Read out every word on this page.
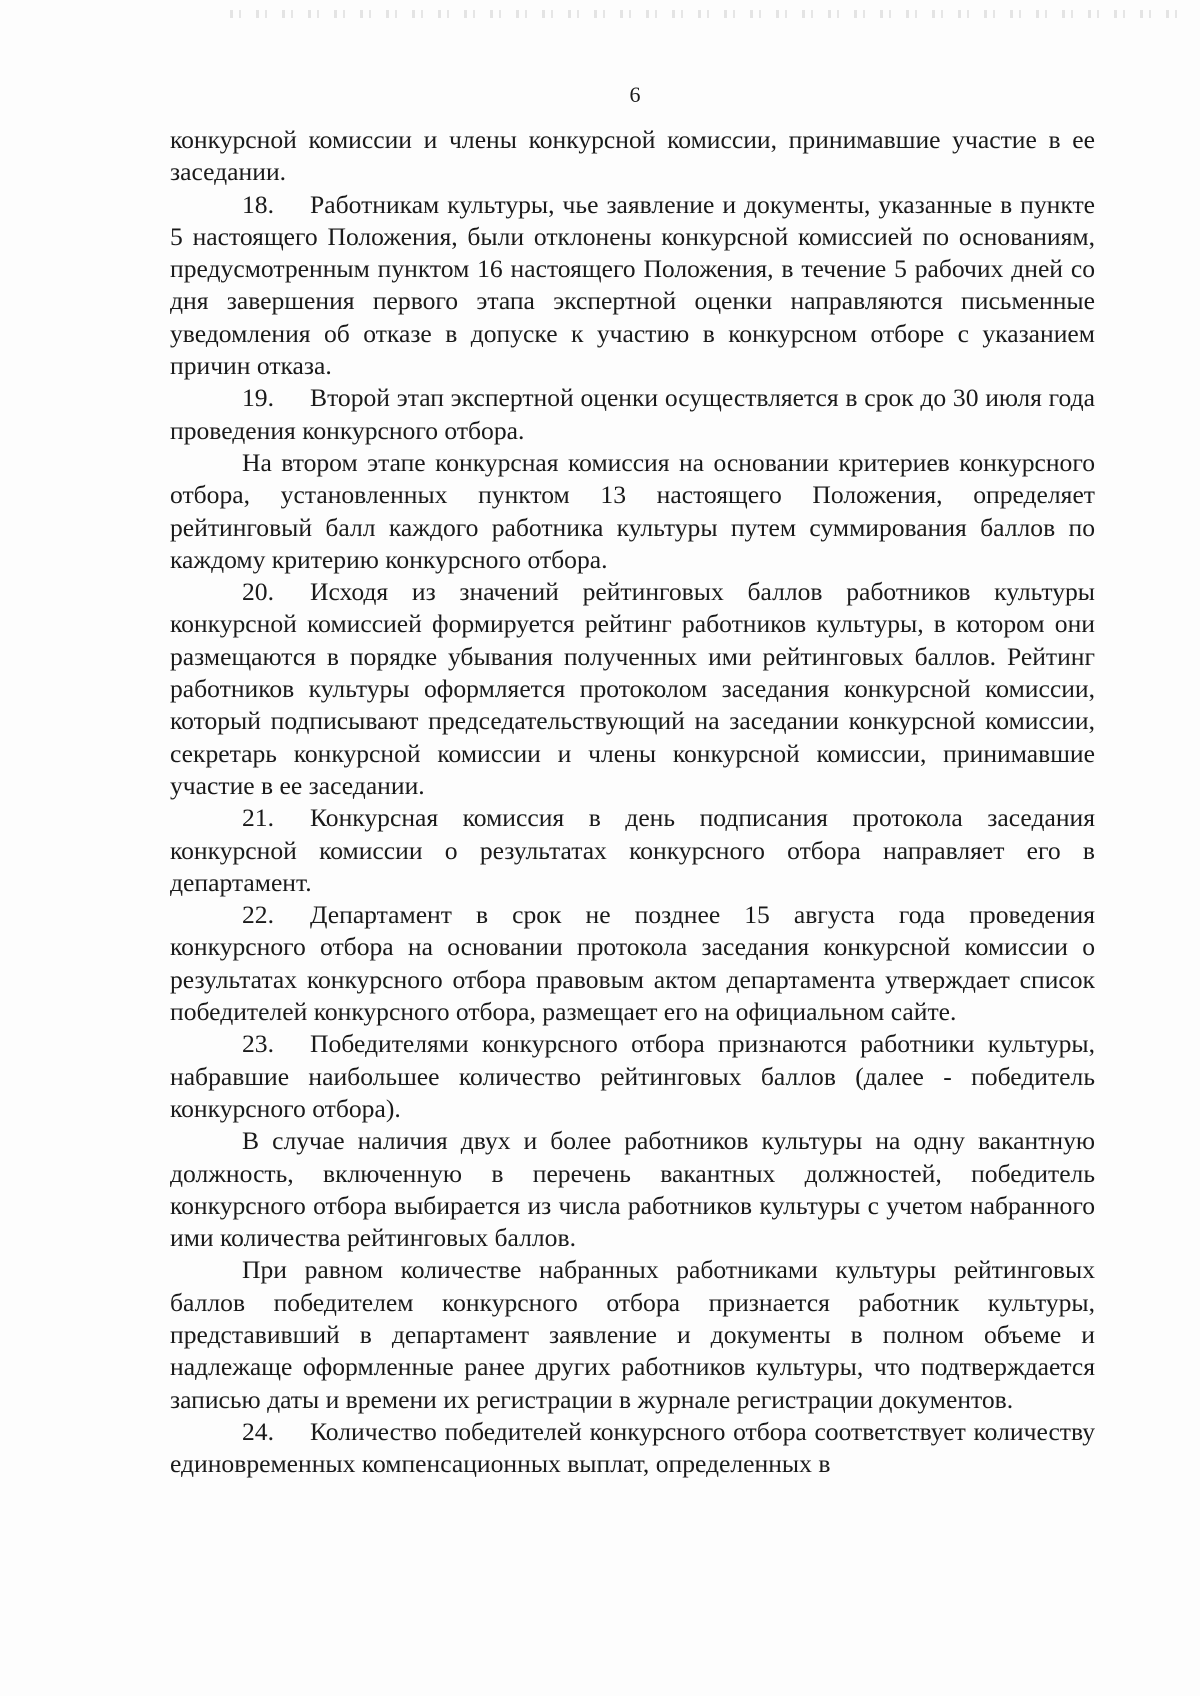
6

конкурсной комиссии и члены конкурсной комиссии, принимавшие участие в ее заседании.

18. Работникам культуры, чье заявление и документы, указанные в пункте 5 настоящего Положения, были отклонены конкурсной комиссией по основаниям, предусмотренным пунктом 16 настоящего Положения, в течение 5 рабочих дней со дня завершения первого этапа экспертной оценки направляются письменные уведомления об отказе в допуске к участию в конкурсном отборе с указанием причин отказа.

19. Второй этап экспертной оценки осуществляется в срок до 30 июля года проведения конкурсного отбора.

На втором этапе конкурсная комиссия на основании критериев конкурсного отбора, установленных пунктом 13 настоящего Положения, определяет рейтинговый балл каждого работника культуры путем суммирования баллов по каждому критерию конкурсного отбора.

20. Исходя из значений рейтинговых баллов работников культуры конкурсной комиссией формируется рейтинг работников культуры, в котором они размещаются в порядке убывания полученных ими рейтинговых баллов. Рейтинг работников культуры оформляется протоколом заседания конкурсной комиссии, который подписывают председательствующий на заседании конкурсной комиссии, секретарь конкурсной комиссии и члены конкурсной комиссии, принимавшие участие в ее заседании.

21. Конкурсная комиссия в день подписания протокола заседания конкурсной комиссии о результатах конкурсного отбора направляет его в департамент.

22. Департамент в срок не позднее 15 августа года проведения конкурсного отбора на основании протокола заседания конкурсной комиссии о результатах конкурсного отбора правовым актом департамента утверждает список победителей конкурсного отбора, размещает его на официальном сайте.

23. Победителями конкурсного отбора признаются работники культуры, набравшие наибольшее количество рейтинговых баллов (далее - победитель конкурсного отбора).

В случае наличия двух и более работников культуры на одну вакантную должность, включенную в перечень вакантных должностей, победитель конкурсного отбора выбирается из числа работников культуры с учетом набранного ими количества рейтинговых баллов.

При равном количестве набранных работниками культуры рейтинговых баллов победителем конкурсного отбора признается работник культуры, представивший в департамент заявление и документы в полном объеме и надлежаще оформленные ранее других работников культуры, что подтверждается записью даты и времени их регистрации в журнале регистрации документов.

24. Количество победителей конкурсного отбора соответствует количеству единовременных компенсационных выплат, определенных в
